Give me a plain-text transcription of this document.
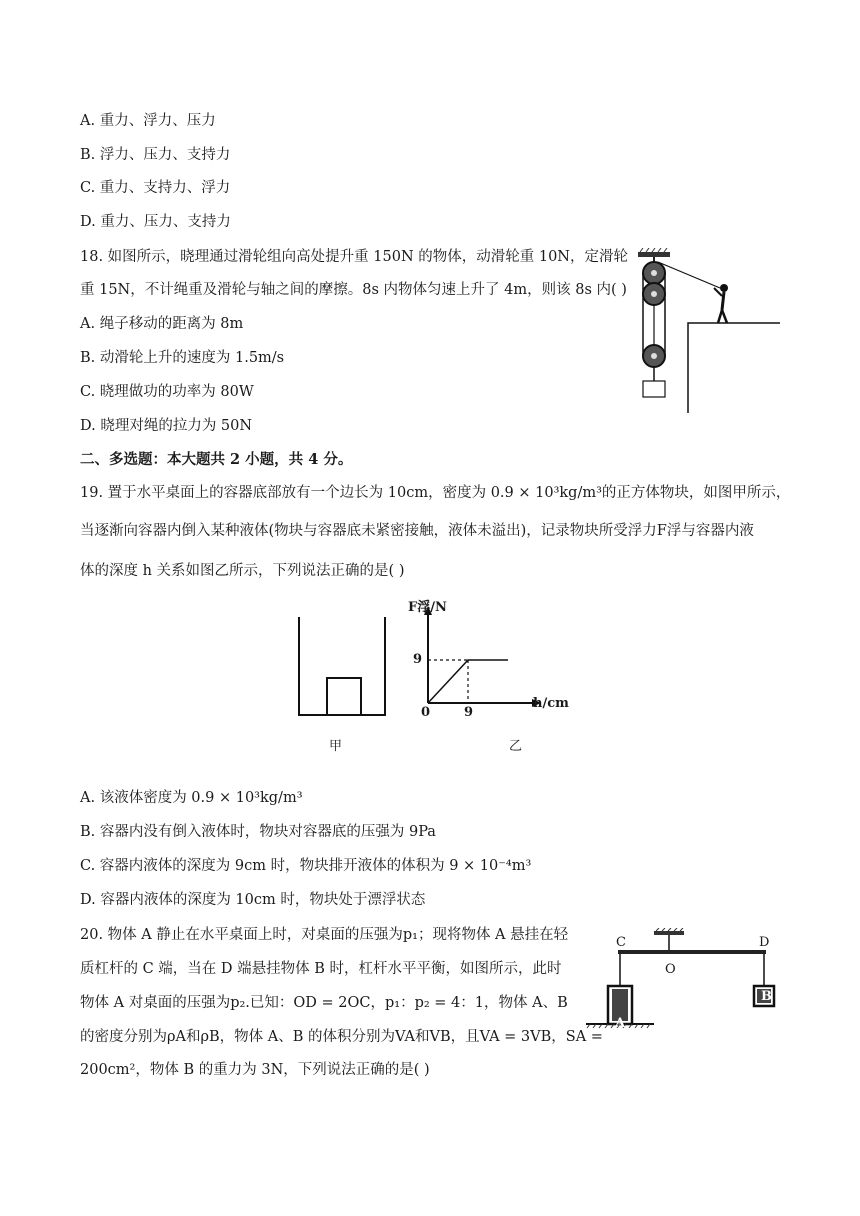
A. 重力、浮力、压力
B. 浮力、压力、支持力
C. 重力、支持力、浮力
D. 重力、压力、支持力
18. 如图所示，晓理通过滑轮组向高处提升重 150N 的物体，动滑轮重 10N，定滑轮
重 15N，不计绳重及滑轮与轴之间的摩擦。8s 内物体匀速上升了 4m，则该 8s 内( )
A. 绳子移动的距离为 8m
B. 动滑轮上升的速度为 1.5m/s
C. 晓理做功的功率为 80W
D. 晓理对绳的拉力为 50N
二、多选题：本大题共 2 小题，共 4 分。
19. 置于水平桌面上的容器底部放有一个边长为 10cm，密度为 0.9 × 10³kg/m³的正方体物块，如图甲所示，
当逐渐向容器内倒入某种液体(物块与容器底未紧密接触，液体未溢出)，记录物块所受浮力F浮与容器内液
体的深度 h 关系如图乙所示，下列说法正确的是( )
甲
F浮/N
h/cm
0
9
9
乙
A. 该液体密度为 0.9 × 10³kg/m³
B. 容器内没有倒入液体时，物块对容器底的压强为 9Pa
C. 容器内液体的深度为 9cm 时，物块排开液体的体积为 9 × 10⁻⁴m³
D. 容器内液体的深度为 10cm 时，物块处于漂浮状态
20. 物体 A 静止在水平桌面上时，对桌面的压强为p₁；现将物体 A 悬挂在轻
质杠杆的 C 端，当在 D 端悬挂物体 B 时，杠杆水平平衡，如图所示，此时
物体 A 对桌面的压强为p₂.已知：OD = 2OC，p₁：p₂ = 4：1，物体 A、B
的密度分别为ρA和ρB，物体 A、B 的体积分别为VA和VB，且VA = 3VB，SA =
200cm²，物体 B 的重力为 3N，下列说法正确的是( )
C	D
O
A
B
